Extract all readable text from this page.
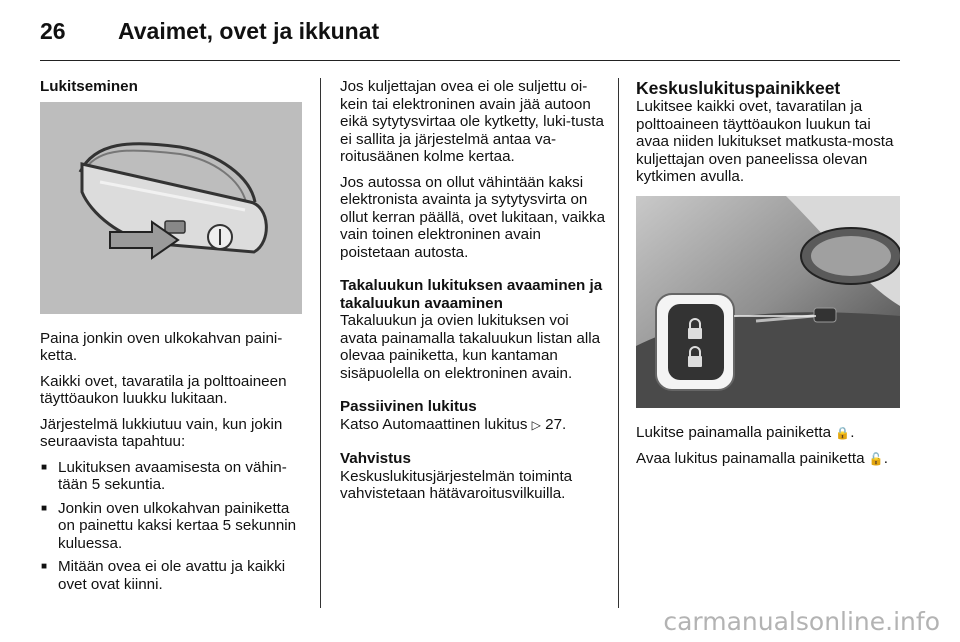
26 Avaimet, ovet ja ikkunat
Lukitseminen

Paina jonkin oven ulkokahvan paini-ketta.

Kaikki ovet, tavaratila ja polttoaineen täyttöaukon luukku lukitaan.

Järjestelmä lukkiutuu vain, kun jokin seuraavista tapahtuu:

■ Lukituksen avaamisesta on vähin-tään 5 sekuntia.
■ Jonkin oven ulkokahvan painiketta on painettu kaksi kertaa 5 sekunnin kuluessa.
■ Mitään ovea ei ole avattu ja kaikki ovet ovat kiinni.

Jos kuljettajan ovea ei ole suljettu oi-kein tai elektroninen avain jää autoon eikä sytytysvirtaa ole kytketty, luki-tusta ei sallita ja järjestelmä antaa va-roitusäänen kolme kertaa.

Jos autossa on ollut vähintään kaksi elektronista avainta ja sytytysvirta on ollut kerran päällä, ovet lukitaan, vaikka vain toinen elektroninen avain poistetaan autosta.

Takaluukun lukituksen avaaminen ja takaluukun avaaminen

Takaluukun ja ovien lukituksen voi avata painamalla takaluukun listan alla olevaa painiketta, kun kantaman sisäpuolella on elektroninen avain.

Passiivinen lukitus

Katso Automaattinen lukitus ▷ 27.

Vahvistus

Keskuslukitusjärjestelmän toiminta vahvistetaan hätävaroitusvilkuilla.

Keskuslukituspainikkeet

Lukitsee kaikki ovet, tavaratilan ja polttoaineen täyttöaukon luukun tai avaa niiden lukitukset matkusta-mosta kuljettajan oven paneelissa olevan kytkimen avulla.

Lukitse painamalla painiketta 🔒.

Avaa lukitus painamalla painiketta 🔓.

carmanualsonline.info
